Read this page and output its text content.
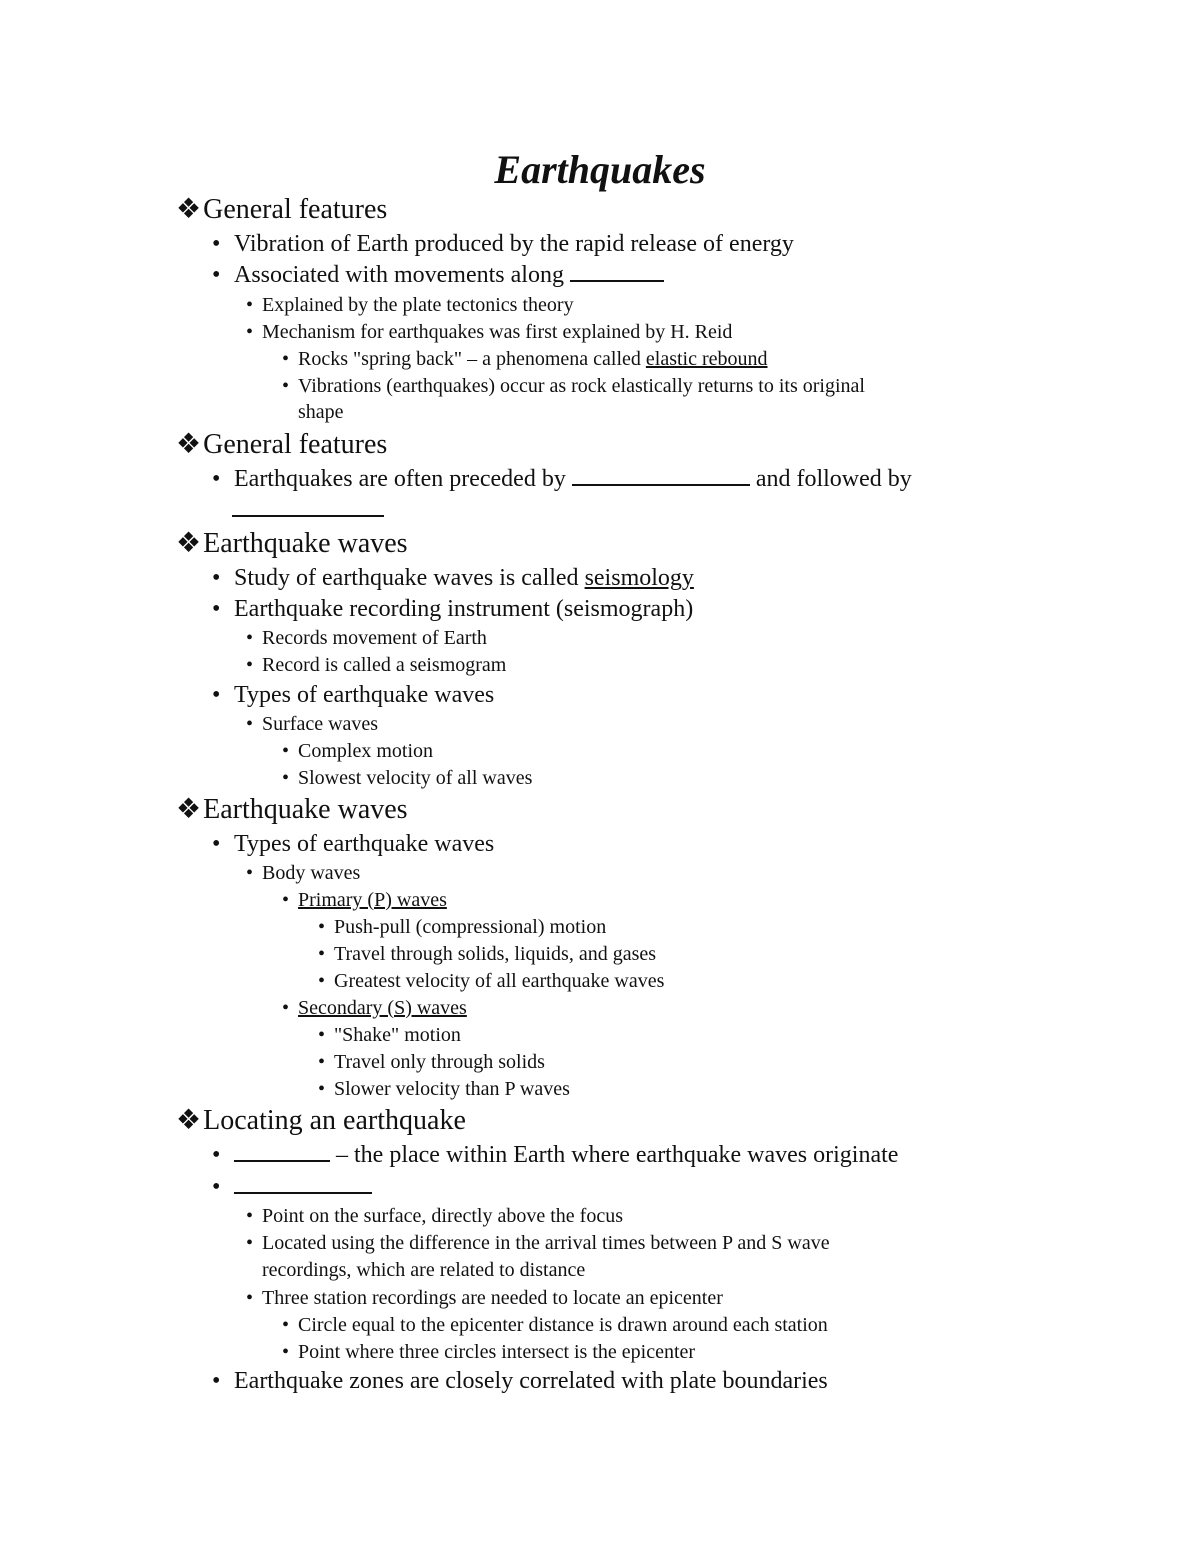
Earthquakes
❖General features
• Vibration of Earth produced by the rapid release of energy
• Associated with movements along
• Explained by the plate tectonics theory
• Mechanism for earthquakes was first explained by H. Reid
• Rocks "spring back" – a phenomena called elastic rebound
• Vibrations (earthquakes) occur as rock elastically returns to its original
shape
❖General features
• Earthquakes are often preceded by	and followed by
❖Earthquake waves
• Study of earthquake waves is called seismology
• Earthquake recording instrument (seismograph)
• Records movement of Earth
• Record is called a seismogram
• Types of earthquake waves
• Surface waves
• Complex motion
• Slowest velocity of all waves
❖Earthquake waves
• Types of earthquake waves
• Body waves
• Primary (P) waves
• Push-pull (compressional) motion
• Travel through solids, liquids, and gases
• Greatest velocity of all earthquake waves
• Secondary (S) waves
• "Shake" motion
• Travel only through solids
• Slower velocity than P waves
❖Locating an earthquake
•	– the place within Earth where earthquake waves originate
•
• Point on the surface, directly above the focus
• Located using the difference in the arrival times between P and S wave
recordings, which are related to distance
• Three station recordings are needed to locate an epicenter
• Circle equal to the epicenter distance is drawn around each station
• Point where three circles intersect is the epicenter
• Earthquake zones are closely correlated with plate boundaries
